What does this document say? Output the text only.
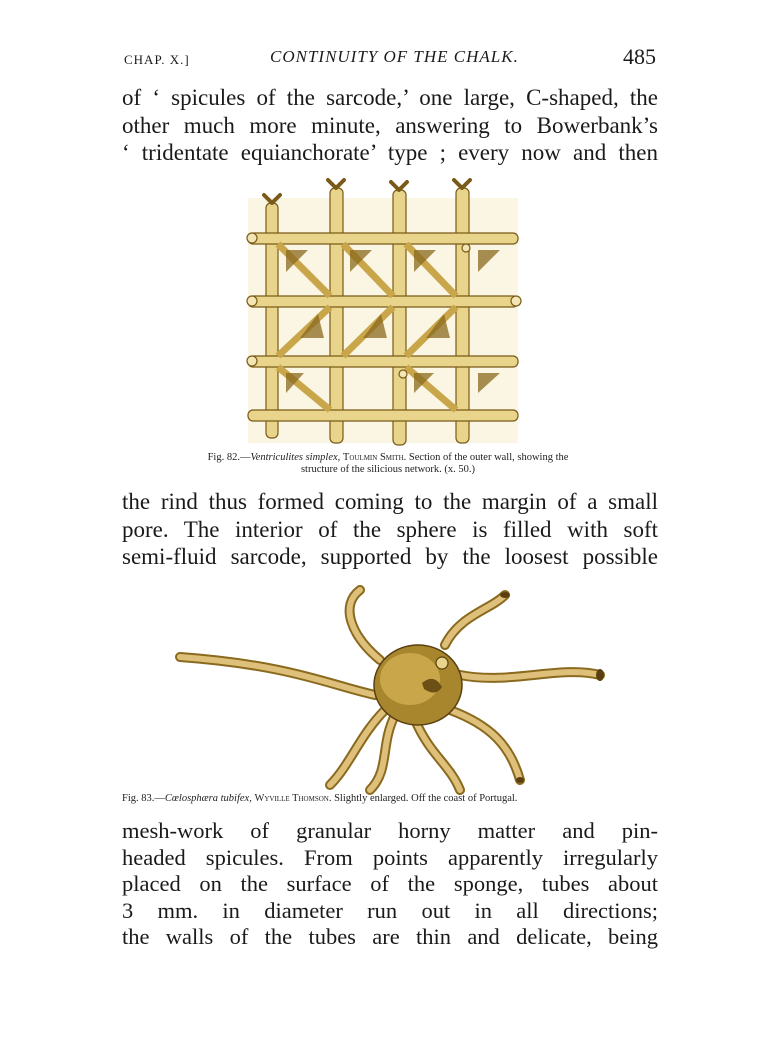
CHAP. X.]	CONTINUITY OF THE CHALK.	485
of ‘ spicules of the sarcode,’ one large, C-shaped, the
other much more minute, answering to Bowerbank’s
‘ tridentate equianchorate’ type ; every now and then
Fig. 82.—Ventriculites simplex, Toulmin Smith. Section of the outer wall, showing the
structure of the silicious network. (x. 50.)
the rind thus formed coming to the margin of a small
pore. The interior of the sphere is filled with soft
semi-fluid sarcode, supported by the loosest possible
Fig. 83.—Cœlosphæra tubifex, Wyville Thomson. Slightly enlarged. Off the coast of Portugal.
mesh-work of granular horny matter and pin-
headed spicules. From points apparently irregularly
placed on the surface of the sponge, tubes about
3 mm. in diameter run out in all directions;
the walls of the tubes are thin and delicate, being
